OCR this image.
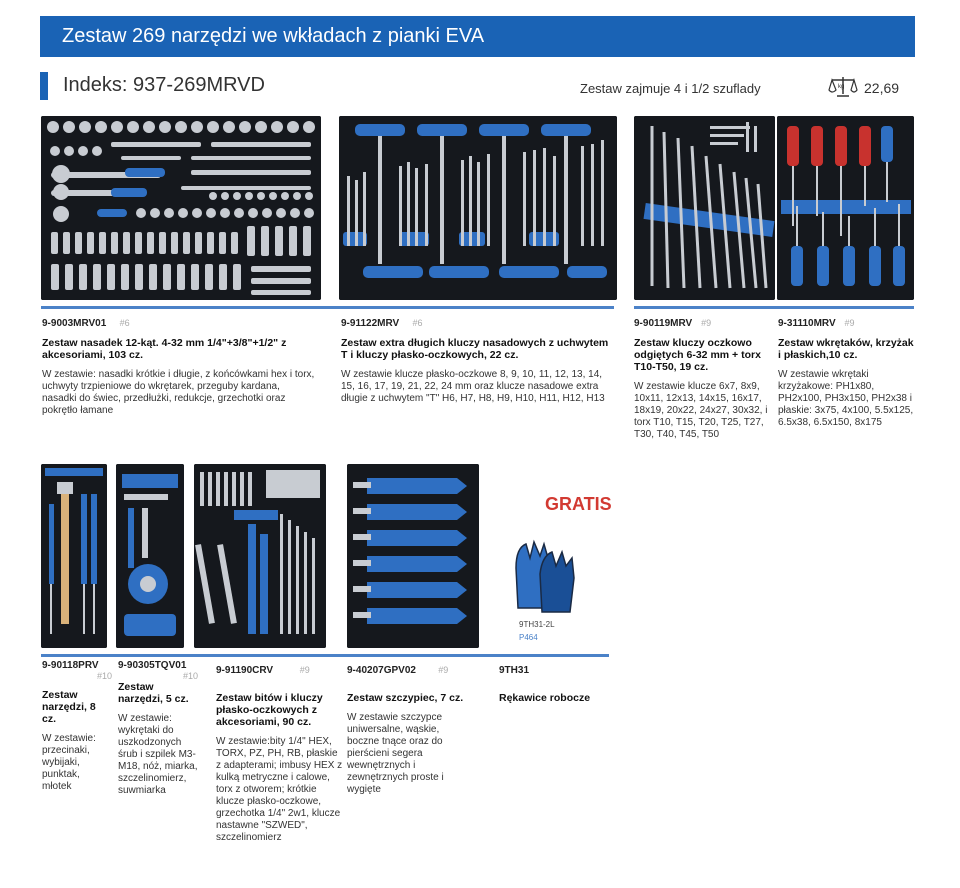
Zestaw 269 narzędzi we wkładach z pianki EVA
Indeks: 937-269MRVD	Zestaw zajmuje 4 i 1/2 szuflady	kg 22,69
9-9003MRV01 #6
Zestaw nasadek 12-kąt. 4-32 mm 1/4"+3/8"+1/2" z akcesoriami, 103 cz.
W zestawie: nasadki krótkie i długie, z końcówkami hex i torx, uchwyty trzpieniowe do wkrętarek, przeguby kardana, nasadki do świec, przedłużki, redukcje, grzechotki oraz pokrętło łamane
9-91122MRV #6
Zestaw extra długich kluczy nasadowych z uchwytem T i kluczy płasko-oczkowych, 22 cz.
W zestawie klucze płasko-oczkowe 8, 9, 10, 11, 12, 13, 14, 15, 16, 17, 19, 21, 22, 24 mm oraz klucze nasadowe extra długie z uchwytem "T" H6, H7, H8, H9, H10, H11, H12, H13
9-90119MRV #9
Zestaw kluczy oczkowo odgiętych 6-32 mm + torx T10-T50, 19 cz.
W zestawie klucze 6x7, 8x9, 10x11, 12x13, 14x15, 16x17, 18x19, 20x22, 24x27, 30x32, i torx T10, T15, T20, T25, T27, T30, T40, T45, T50
9-31110MRV #9
Zestaw wkrętaków, krzyżak i płaskich,10 cz.
W zestawie wkrętaki krzyżakowe: PH1x80, PH2x100, PH3x150, PH2x38 i płaskie: 3x75, 4x100, 5.5x125, 6.5x38, 6.5x150, 8x175
GRATIS
9TH31-2L
P464
9-90118PRV
#10
Zestaw narzędzi, 8 cz.
W zestawie: przecinaki, wybijaki, punktak, młotek
9-90305TQV01
#10
Zestaw narzędzi, 5 cz.
W zestawie: wykrętaki do uszkodzonych śrub i szpilek M3-M18, nóż, miarka, szczelinomierz, suwmiarka
9-91190CRV	#9
Zestaw bitów i kluczy płasko-oczkowych z akcesoriami, 90 cz.
W zestawie:bity 1/4" HEX, TORX, PZ, PH, RB, płaskie z adapterami; imbusy HEX z kulką metryczne i calowe, torx z otworem; krótkie klucze płasko-oczkowe, grzechotka 1/4" 2w1, klucze nastawne "SZWED", szczelinomierz
9-40207GPV02 #9
Zestaw szczypiec, 7 cz.
W zestawie szczypce uniwersalne, wąskie, boczne tnące oraz do pierścieni segera wewnętrznych i zewnętrznych proste i wygięte
9TH31
Rękawice robocze
